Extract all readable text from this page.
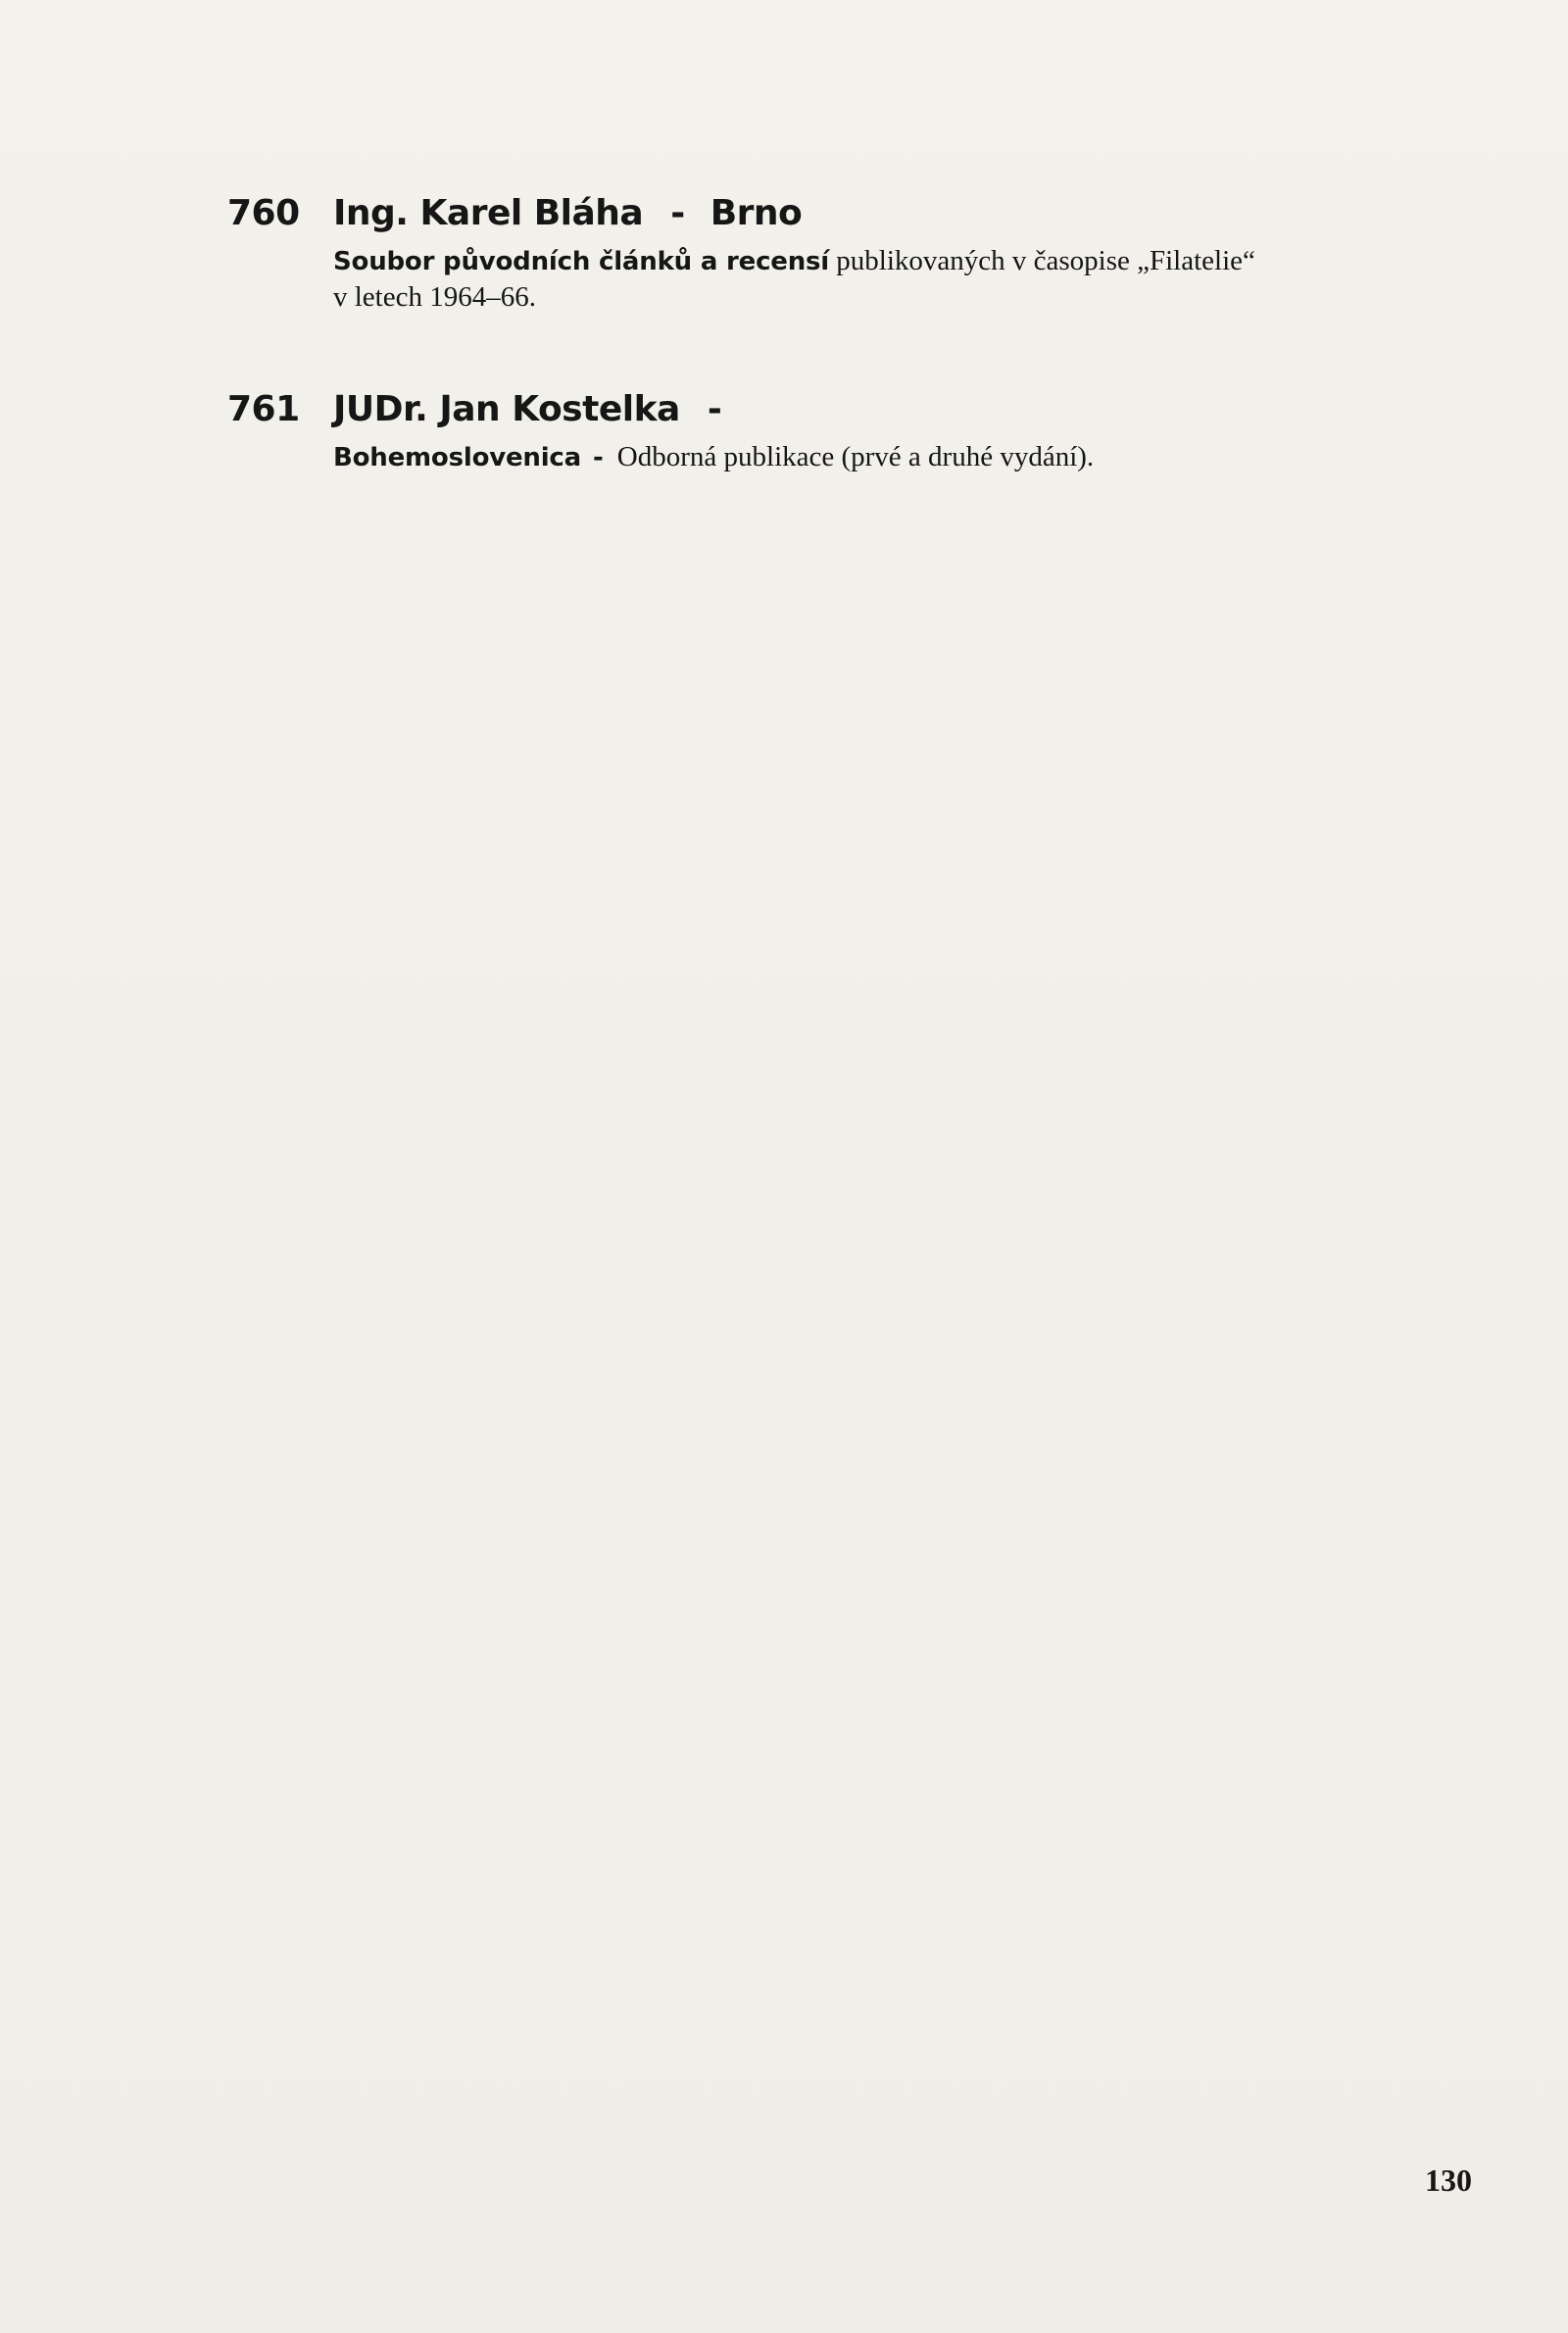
760 Ing. Karel Bláha - Brno
Soubor původních článků a recensí publikovaných v časopise „Filatelie“
v letech 1964–66.
761 JUDr. Jan Kostelka -
Bohemoslovenica - Odborná publikace (prvé a druhé vydání).
130
